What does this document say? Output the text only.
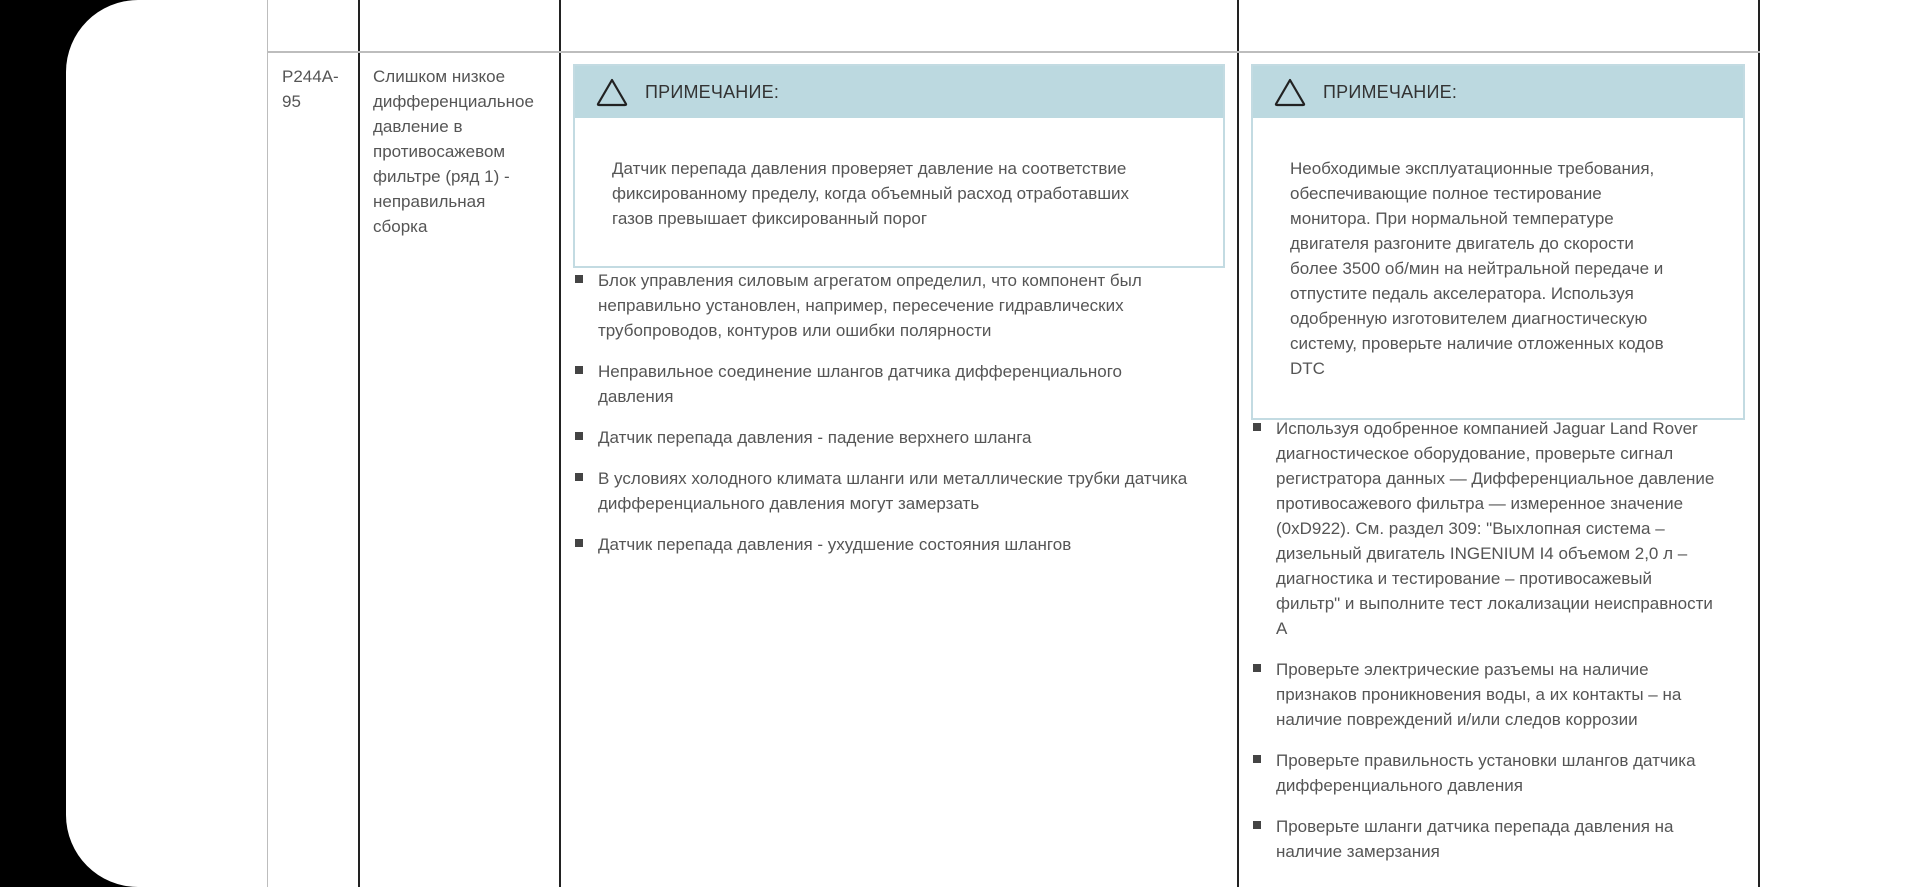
P244A-
95
Слишком низкое
дифференциальное
давление в
противосажевом
фильтре (ряд 1) -
неправильная
сборка
ПРИМЕЧАНИЕ:
Датчик перепада давления проверяет давление на соответствие
фиксированному пределу, когда объемный расход отработавших
газов превышает фиксированный порог
Блок управления силовым агрегатом определил, что компонент был
неправильно установлен, например, пересечение гидравлических
трубопроводов, контуров или ошибки полярности
Неправильное соединение шлангов датчика дифференциального
давления
Датчик перепада давления - падение верхнего шланга
В условиях холодного климата шланги или металлические трубки датчика
дифференциального давления могут замерзать
Датчик перепада давления - ухудшение состояния шлангов
ПРИМЕЧАНИЕ:
Необходимые эксплуатационные требования,
обеспечивающие полное тестирование
монитора. При нормальной температуре
двигателя разгоните двигатель до скорости
более 3500 об/мин на нейтральной передаче и
отпустите педаль акселератора. Используя
одобренную изготовителем диагностическую
систему, проверьте наличие отложенных кодов
DTC
Используя одобренное компанией Jaguar Land Rover
диагностическое оборудование, проверьте сигнал
регистратора данных — Дифференциальное давление
противосажевого фильтра — измеренное значение
(0xD922). См. раздел 309: "Выхлопная система –
дизельный двигатель INGENIUM I4 объемом 2,0 л –
диагностика и тестирование – противосажевый
фильтр" и выполните тест локализации неисправности
А
Проверьте электрические разъемы на наличие
признаков проникновения воды, а их контакты – на
наличие повреждений и/или следов коррозии
Проверьте правильность установки шлангов датчика
дифференциального давления
Проверьте шланги датчика перепада давления на
наличие замерзания
